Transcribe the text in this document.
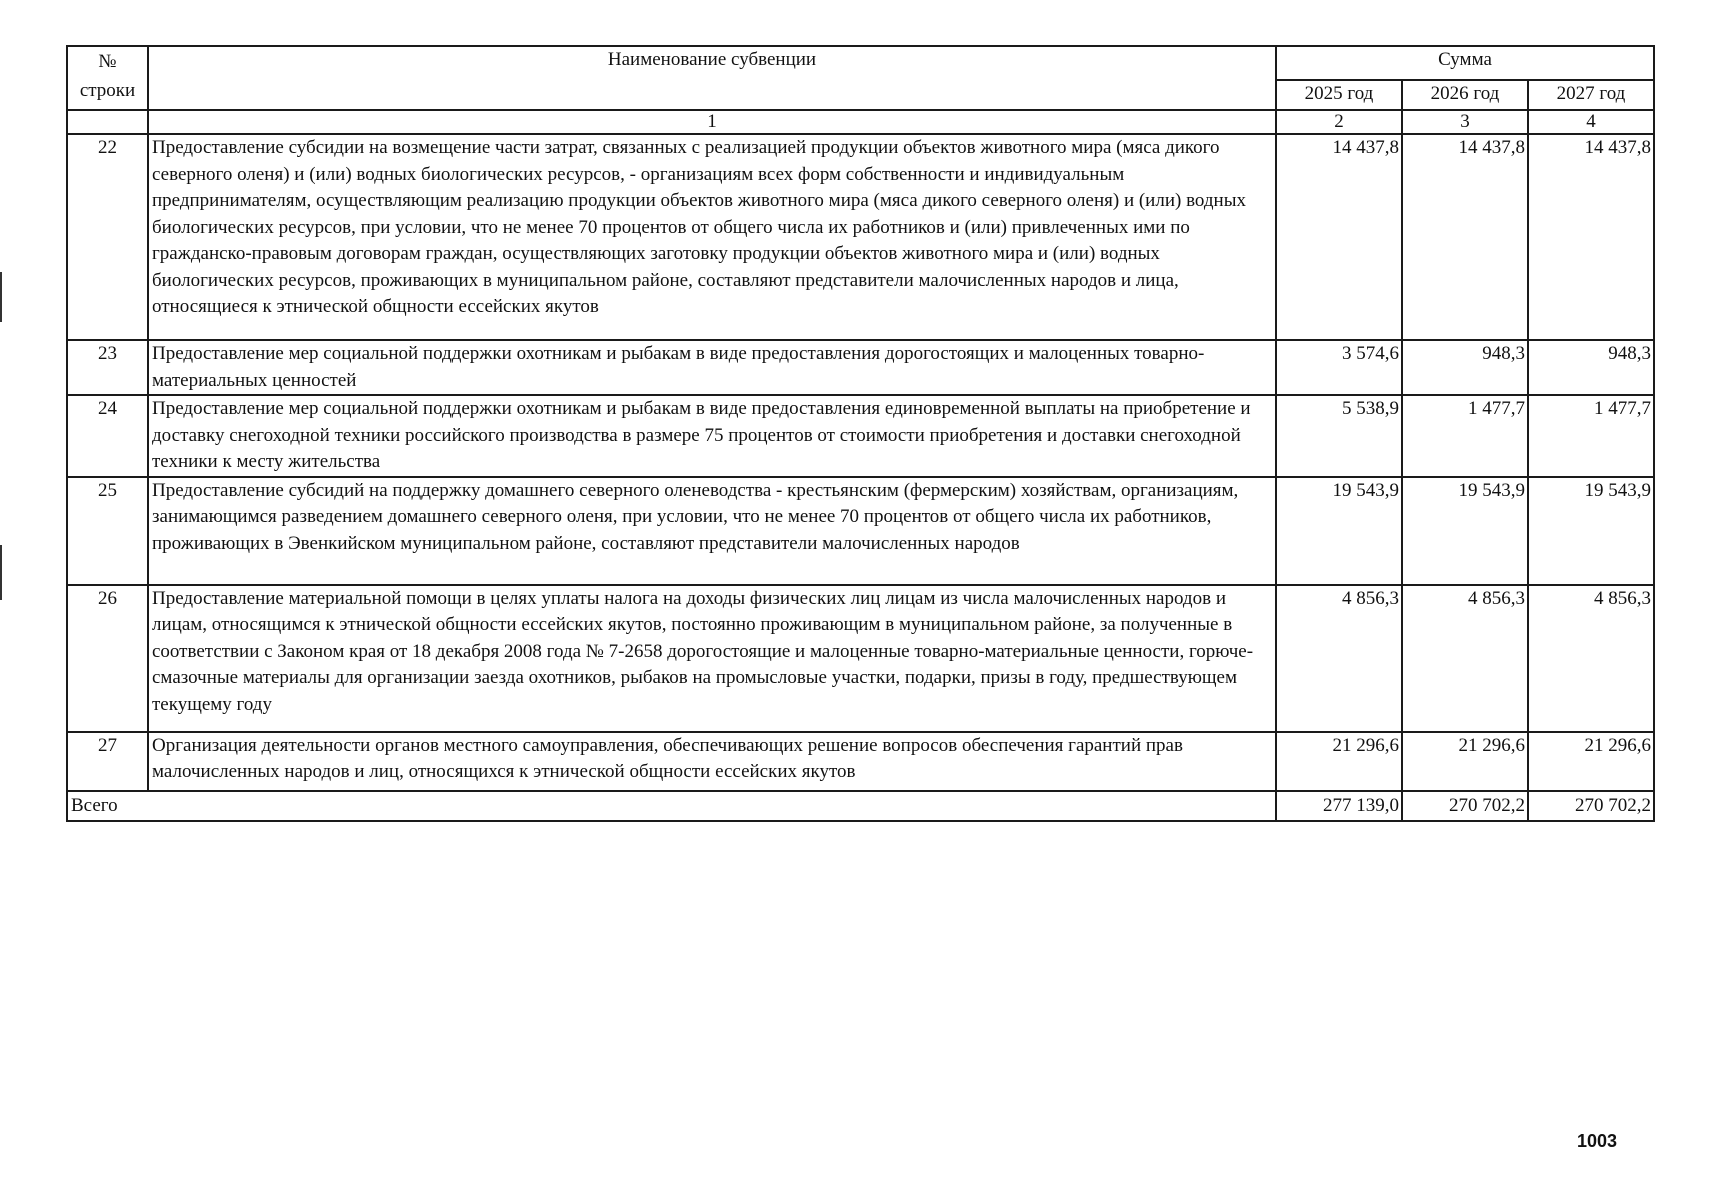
№ строки	Наименование субвенции	Сумма		
		2025 год	2026 год	2027 год
	1	2	3	4
22	Предоставление субсидии на возмещение части затрат, связанных с реализацией продукции объектов животного мира (мяса дикого северного оленя) и (или) водных биологических ресурсов, - организациям всех форм собственности и индивидуальным предпринимателям, осуществляющим реализацию продукции объектов животного мира (мяса дикого северного оленя) и (или) водных биологических ресурсов, при условии, что не менее 70 процентов от общего числа их работников и (или) привлеченных ими по гражданско-правовым договорам граждан, осуществляющих заготовку продукции объектов животного мира и (или) водных биологических ресурсов, проживающих в муниципальном районе, составляют представители малочисленных народов и лица, относящиеся к этнической общности ессейских якутов	14 437,8	14 437,8	14 437,8
23	Предоставление мер социальной поддержки охотникам и рыбакам в виде предоставления дорогостоящих и малоценных товарно-материальных ценностей	3 574,6	948,3	948,3
24	Предоставление мер социальной поддержки охотникам и рыбакам в виде предоставления единовременной выплаты на приобретение и доставку снегоходной техники российского производства в размере 75 процентов от стоимости приобретения и доставки снегоходной техники к месту жительства	5 538,9	1 477,7	1 477,7
25	Предоставление субсидий на поддержку домашнего северного оленеводства - крестьянским (фермерским) хозяйствам, организациям, занимающимся разведением домашнего северного оленя, при условии, что не менее 70 процентов от общего числа их работников, проживающих в Эвенкийском муниципальном районе, составляют представители малочисленных народов	19 543,9	19 543,9	19 543,9
26	Предоставление материальной помощи в целях уплаты налога на доходы физических лиц лицам из числа малочисленных народов и лицам, относящимся к этнической общности ессейских якутов, постоянно проживающим в муниципальном районе, за полученные в соответствии с Законом края от 18 декабря 2008 года № 7-2658 дорогостоящие и малоценные товарно-материальные ценности, горюче-смазочные материалы для организации заезда охотников, рыбаков на промысловые участки, подарки, призы в году, предшествующем текущему году	4 856,3	4 856,3	4 856,3
27	Организация деятельности органов местного самоуправления, обеспечивающих решение вопросов обеспечения гарантий прав малочисленных народов и лиц, относящихся к этнической общности ессейских якутов	21 296,6	21 296,6	21 296,6
Всего		277 139,0	270 702,2	270 702,2
1003
